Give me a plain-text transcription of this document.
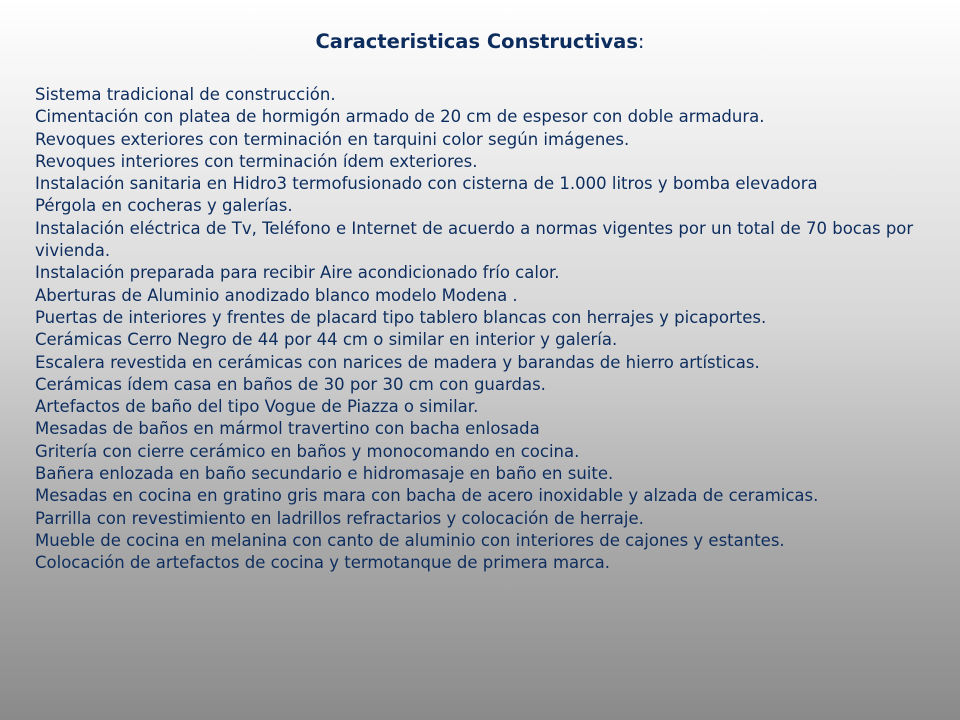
Caracteristicas Constructivas:
Sistema tradicional de construcción.
Cimentación con platea de hormigón armado de 20 cm de espesor con doble armadura.
Revoques exteriores con terminación en tarquini color según imágenes.
Revoques interiores con terminación ídem exteriores.
Instalación sanitaria en Hidro3 termofusionado con cisterna de 1.000 litros y bomba elevadora
Pérgola en cocheras y galerías.
Instalación eléctrica de Tv, Teléfono e Internet de acuerdo a normas vigentes por un total de 70 bocas por vivienda.
Instalación preparada para recibir Aire acondicionado frío calor.
Aberturas de Aluminio anodizado blanco modelo Modena .
Puertas de interiores y frentes de placard tipo tablero blancas con herrajes y picaportes.
Cerámicas Cerro Negro de 44 por 44 cm o similar en interior y galería.
Escalera revestida en cerámicas con narices de madera y barandas de hierro artísticas.
Cerámicas ídem casa en baños de 30 por 30 cm con guardas.
Artefactos de baño del tipo Vogue de Piazza o similar.
Mesadas de baños en mármol travertino con bacha enlosada
Gritería con cierre cerámico en baños y monocomando en cocina.
Bañera enlozada en baño secundario e hidromasaje en baño en suite.
Mesadas en cocina en gratino gris mara con bacha de acero inoxidable y alzada de ceramicas.
Parrilla con revestimiento en ladrillos refractarios y colocación de herraje.
Mueble de cocina en melanina con canto de aluminio con interiores de cajones y estantes.
Colocación de artefactos de cocina y termotanque de primera marca.
